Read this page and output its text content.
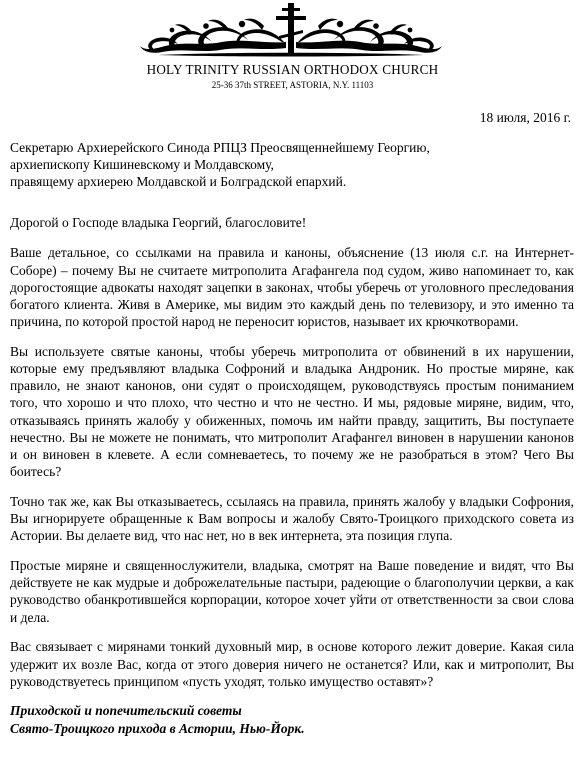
HOLY TRINITY RUSSIAN ORTHODOX CHURCH
25-36 37th STREET, ASTORIA, N.Y. 11103
18 июля, 2016 г.
Секретарю Архиерейского Синода РПЦЗ Преосвященнейшему Георгию,
архиепископу Кишиневскому и Молдавскому,
правящему архиерею Молдавской и Болградской епархий.

Дорогой о Господе владыка Георгий, благословите!

Ваше детальное, со ссылками на правила и каноны, объяснение (13 июля с.г. на Интернет-Соборе) – почему Вы не считаете митрополита Агафангела под судом, живо напоминает то, как дорогостоящие адвокаты находят зацепки в законах, чтобы уберечь от уголовного преследования богатого клиента. Живя в Америке, мы видим это каждый день по телевизору, и это именно та причина, по которой простой народ не переносит юристов, называет их крючкотворами.

Вы используете святые каноны, чтобы уберечь митрополита от обвинений в их нарушении, которые ему предъявляют владыка Софроний и владыка Андроник. Но простые миряне, как правило, не знают канонов, они судят о происходящем, руководствуясь простым пониманием того, что хорошо и что плохо, что честно и что не честно. И мы, рядовые миряне, видим, что, отказываясь принять жалобу у обиженных, помочь им найти правду, защитить, Вы поступаете нечестно. Вы не можете не понимать, что митрополит Агафангел виновен в нарушении канонов и он виновен в клевете. А если сомневаетесь, то почему же не разобраться в этом? Чего Вы боитесь?

Точно так же, как Вы отказываетесь, ссылаясь на правила, принять жалобу у владыки Софрония, Вы игнорируете обращенные к Вам вопросы и жалобу Свято-Троицкого приходского совета из Астории. Вы делаете вид, что нас нет, но в век интернета, эта позиция глупа.

Простые миряне и священнослужители, владыка, смотрят на Ваше поведение и видят, что Вы действуете не как мудрые и доброжелательные пастыри, радеющие о благополучии церкви, а как руководство обанкротившейся корпорации, которое хочет уйти от ответственности за свои слова и дела.

Вас связывает с мирянами тонкий духовный мир, в основе которого лежит доверие. Какая сила удержит их возле Вас, когда от этого доверия ничего не останется? Или, как и митрополит, Вы руководствуетесь принципом «пусть уходят, только имущество оставят»?

Приходской и попечительский советы
Свято-Троицкого прихода в Астории, Нью-Йорк.
